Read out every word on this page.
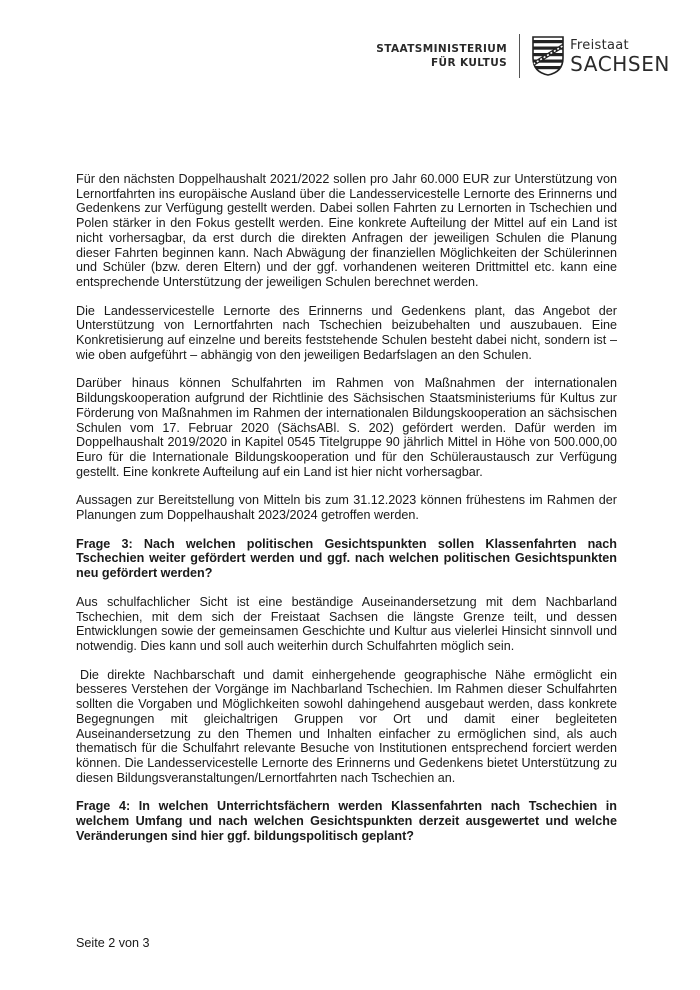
STAATSMINISTERIUM
FÜR KULTUS
Freistaat
SACHSEN

Für den nächsten Doppelhaushalt 2021/2022 sollen pro Jahr 60.000 EUR zur Unterstützung von Lernortfahrten ins europäische Ausland über die Landesservicestelle Lernorte des Erinnerns und Gedenkens zur Verfügung gestellt werden. Dabei sollen Fahrten zu Lernorten in Tschechien und Polen stärker in den Fokus gestellt werden. Eine konkrete Aufteilung der Mittel auf ein Land ist nicht vorhersagbar, da erst durch die direkten Anfragen der jeweiligen Schulen die Planung dieser Fahrten beginnen kann. Nach Abwägung der finanziellen Möglichkeiten der Schülerinnen und Schüler (bzw. deren Eltern) und der ggf. vorhandenen weiteren Drittmittel etc. kann eine entsprechende Unterstützung der jeweiligen Schulen berechnet werden.

Die Landesservicestelle Lernorte des Erinnerns und Gedenkens plant, das Angebot der Unterstützung von Lernortfahrten nach Tschechien beizubehalten und auszubauen. Eine Konkretisierung auf einzelne und bereits feststehende Schulen besteht dabei nicht, sondern ist – wie oben aufgeführt – abhängig von den jeweiligen Bedarfslagen an den Schulen.

Darüber hinaus können Schulfahrten im Rahmen von Maßnahmen der internationalen Bildungskooperation aufgrund der Richtlinie des Sächsischen Staatsministeriums für Kultus zur Förderung von Maßnahmen im Rahmen der internationalen Bildungskooperation an sächsischen Schulen vom 17. Februar 2020 (SächsABl. S. 202) gefördert werden. Dafür werden im Doppelhaushalt 2019/2020 in Kapitel 0545 Titelgruppe 90 jährlich Mittel in Höhe von 500.000,00 Euro für die Internationale Bildungskooperation und für den Schüleraustausch zur Verfügung gestellt. Eine konkrete Aufteilung auf ein Land ist hier nicht vorhersagbar.

Aussagen zur Bereitstellung von Mitteln bis zum 31.12.2023 können frühestens im Rahmen der Planungen zum Doppelhaushalt 2023/2024 getroffen werden.

Frage 3: Nach welchen politischen Gesichtspunkten sollen Klassenfahrten nach Tschechien weiter gefördert werden und ggf. nach welchen politischen Gesichtspunkten neu gefördert werden?

Aus schulfachlicher Sicht ist eine beständige Auseinandersetzung mit dem Nachbarland Tschechien, mit dem sich der Freistaat Sachsen die längste Grenze teilt, und dessen Entwicklungen sowie der gemeinsamen Geschichte und Kultur aus vielerlei Hinsicht sinnvoll und notwendig. Dies kann und soll auch weiterhin durch Schulfahrten möglich sein.

Die direkte Nachbarschaft und damit einhergehende geographische Nähe ermöglicht ein besseres Verstehen der Vorgänge im Nachbarland Tschechien. Im Rahmen dieser Schulfahrten sollten die Vorgaben und Möglichkeiten sowohl dahingehend ausgebaut werden, dass konkrete Begegnungen mit gleichaltrigen Gruppen vor Ort und damit einer begleiteten Auseinandersetzung zu den Themen und Inhalten einfacher zu ermöglichen sind, als auch thematisch für die Schulfahrt relevante Besuche von Institutionen entsprechend forciert werden können. Die Landesservicestelle Lernorte des Erinnerns und Gedenkens bietet Unterstützung zu diesen Bildungsveranstaltungen/Lernortfahrten nach Tschechien an.

Frage 4: In welchen Unterrichtsfächern werden Klassenfahrten nach Tschechien in welchem Umfang und nach welchen Gesichtspunkten derzeit ausgewertet und welche Veränderungen sind hier ggf. bildungspolitisch geplant?

Seite 2 von 3
